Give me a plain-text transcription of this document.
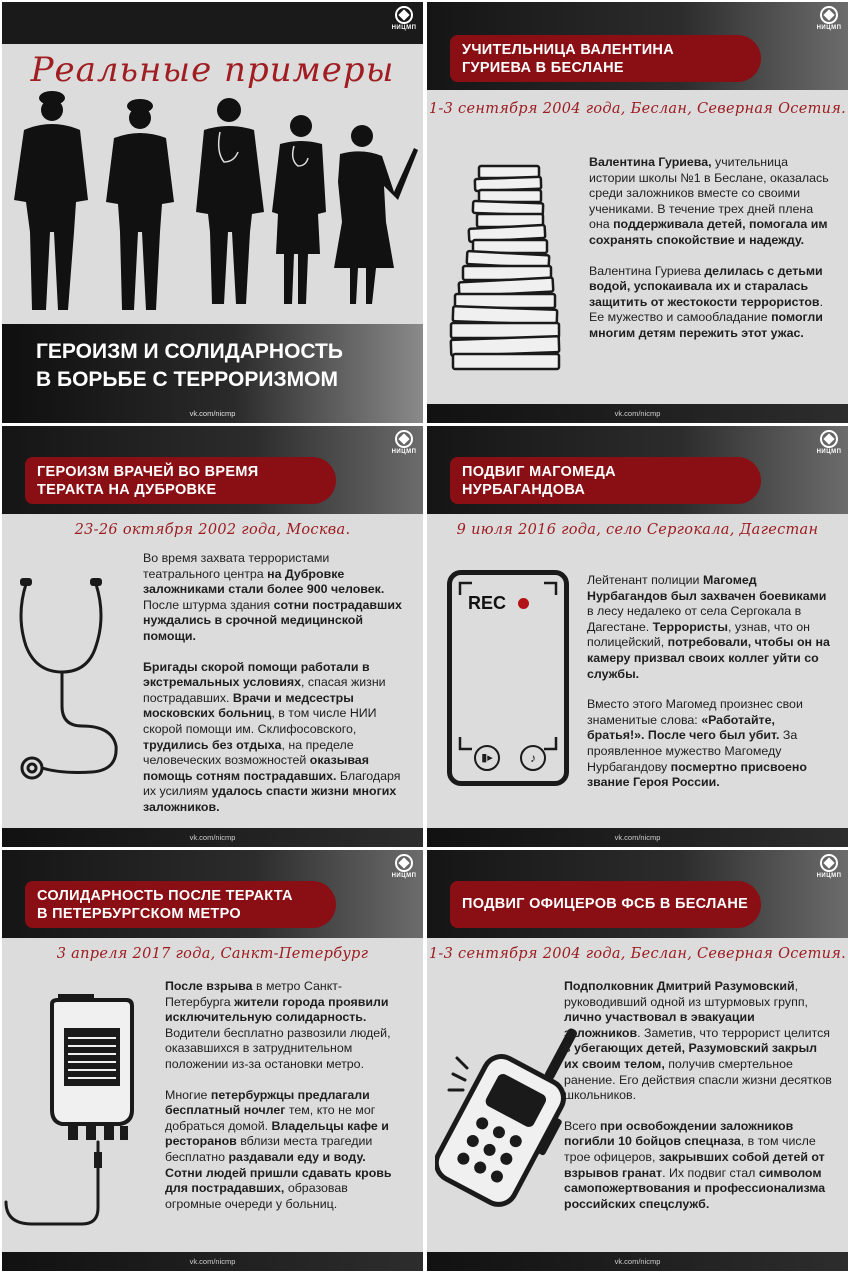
НИЦМП
Реальные примеры
ГЕРОИЗМ И СОЛИДАРНОСТЬ
В БОРЬБЕ С ТЕРРОРИЗМОМ
vk.com/nicmp
НИЦМП
УЧИТЕЛЬНИЦА ВАЛЕНТИНА
ГУРИЕВА В БЕСЛАНЕ
1-3 сентября 2004 года, Беслан, Северная Осетия.

Валентина Гуриева, учительница истории школы №1 в Беслане, оказалась среди заложников вместе со своими учениками. В течение трех дней плена она поддерживала детей, помогала им сохранять спокойствие и надежду.

Валентина Гуриева делилась с детьми водой, успокаивала их и старалась защитить от жестокости террористов. Ее мужество и самообладание помогли многим детям пережить этот ужас.

vk.com/nicmp
НИЦМП
ГЕРОИЗМ ВРАЧЕЙ ВО ВРЕМЯ
ТЕРАКТА НА ДУБРОВКЕ
23-26 октября 2002 года, Москва.

Во время захвата террористами театрального центра на Дубровке заложниками стали более 900 человек. После штурма здания сотни пострадавших нуждались в срочной медицинской помощи.

Бригады скорой помощи работали в экстремальных условиях, спасая жизни пострадавших. Врачи и медсестры московских больниц, в том числе НИИ скорой помощи им. Склифосовского, трудились без отдыха, на пределе человеческих возможностей оказывая помощь сотням пострадавших. Благодаря их усилиям удалось спасти жизни многих заложников.

vk.com/nicmp
НИЦМП
ПОДВИГ МАГОМЕДА
НУРБАГАНДОВА
9 июля 2016 года, село Сергокала, Дагестан
REC
▮▸	♪

Лейтенант полиции Магомед Нурбагандов был захвачен боевиками в лесу недалеко от села Сергокала в Дагестане. Террористы, узнав, что он полицейский, потребовали, чтобы он на камеру призвал своих коллег уйти со службы.

Вместо этого Магомед произнес свои знаменитые слова: «Работайте, братья!». После чего был убит. За проявленное мужество Магомеду Нурбагандову посмертно присвоено звание Героя России.

vk.com/nicmp
НИЦМП
СОЛИДАРНОСТЬ ПОСЛЕ ТЕРАКТА
В ПЕТЕРБУРГСКОМ МЕТРО
3 апреля 2017 года, Санкт-Петербург

После взрыва в метро Санкт-Петербурга жители города проявили исключительную солидарность. Водители бесплатно развозили людей, оказавшихся в затруднительном положении из-за остановки метро.

Многие петербуржцы предлагали бесплатный ночлег тем, кто не мог добраться домой. Владельцы кафе и ресторанов вблизи места трагедии бесплатно раздавали еду и воду. Сотни людей пришли сдавать кровь для пострадавших, образовав огромные очереди у больниц.

vk.com/nicmp
НИЦМП
ПОДВИГ ОФИЦЕРОВ ФСБ В БЕСЛАНЕ
1-3 сентября 2004 года, Беслан, Северная Осетия.

Подполковник Дмитрий Разумовский, руководивший одной из штурмовых групп, лично участвовал в эвакуации заложников. Заметив, что террорист целится в убегающих детей, Разумовский закрыл их своим телом, получив смертельное ранение. Его действия спасли жизни десятков школьников.

Всего при освобождении заложников погибли 10 бойцов спецназа, в том числе трое офицеров, закрывших собой детей от взрывов гранат. Их подвиг стал символом самопожертвования и профессионализма российских спецслужб.

vk.com/nicmp
